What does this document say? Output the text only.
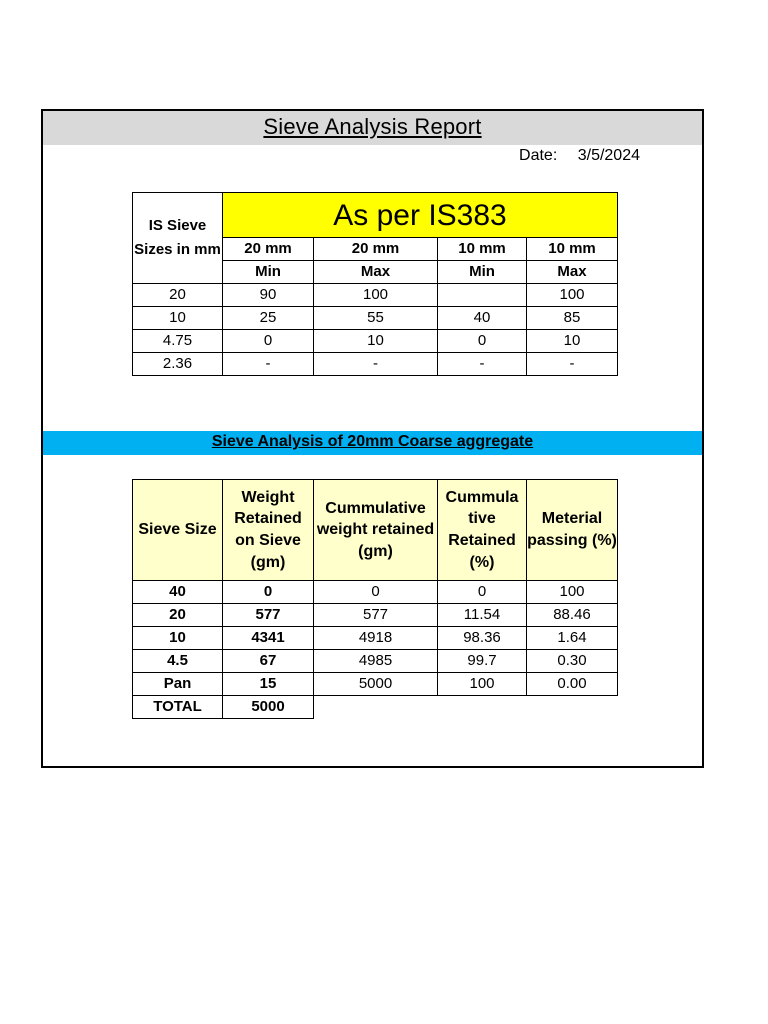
Sieve Analysis Report
Date: 3/5/2024
IS Sieve Sizes in mm	As per IS383			
	20 mm	20 mm	10 mm	10 mm
	Min	Max	Min	Max
20	90	100		100
10	25	55	40	85
4.75	0	10	0	10
2.36	-	-	-	-
Sieve Analysis of 20mm Coarse aggregate
Sieve Size	Weight Retained on Sieve (gm)	Cummulative weight retained (gm)	Cummula tive Retained (%)	Meterial passing (%)
40	0	0	0	100
20	577	577	11.54	88.46
10	4341	4918	98.36	1.64
4.5	67	4985	99.7	0.30
Pan	15	5000	100	0.00
TOTAL	5000			
